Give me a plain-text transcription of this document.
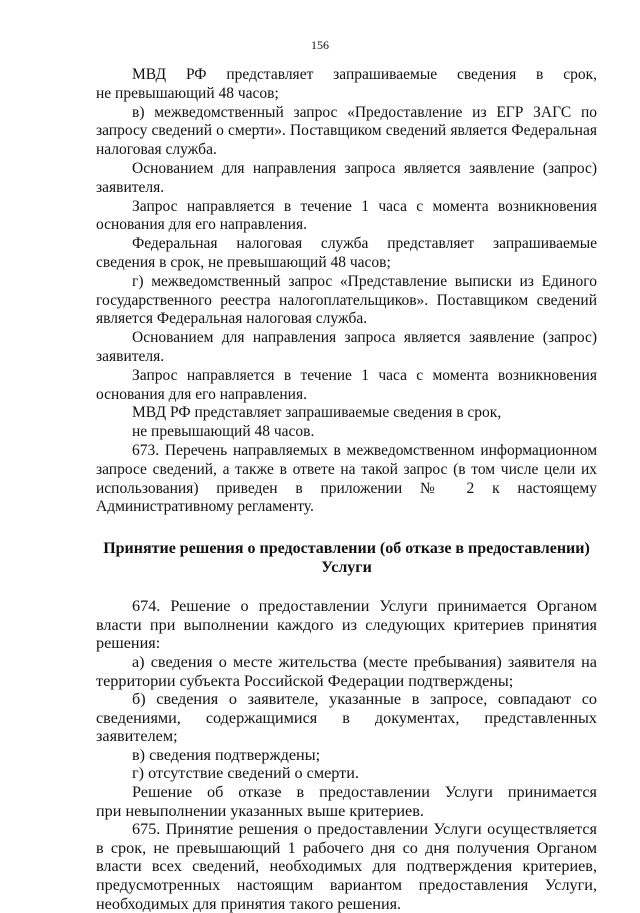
156

МВД РФ представляет запрашиваемые сведения в срок,

не превышающий 48 часов;

в) межведомственный запрос «Предоставление из ЕГР ЗАГС по запросу сведений о смерти». Поставщиком сведений является Федеральная налоговая служба.

Основанием для направления запроса является заявление (запрос) заявителя.

Запрос направляется в течение 1 часа с момента возникновения основания для его направления.

Федеральная налоговая служба представляет запрашиваемые сведения в срок, не превышающий 48 часов;

г) межведомственный запрос «Представление выписки из Единого государственного реестра налогоплательщиков». Поставщиком сведений является Федеральная налоговая служба.

Основанием для направления запроса является заявление (запрос) заявителя.

Запрос направляется в течение 1 часа с момента возникновения основания для его направления.

МВД РФ представляет запрашиваемые сведения в срок,

не превышающий 48 часов.

673. Перечень направляемых в межведомственном информационном запросе сведений, а также в ответе на такой запрос (в том числе цели их использования) приведен в приложении № 2 к настоящему

Административному регламенту.

Принятие решения о предоставлении (об отказе в предоставлении) Услуги

674. Решение о предоставлении Услуги принимается Органом власти при выполнении каждого из следующих критериев принятия решения:

а) сведения о месте жительства (месте пребывания) заявителя на территории субъекта Российской Федерации подтверждены;

б) сведения о заявителе, указанные в запросе, совпадают со сведениями, содержащимися в документах, представленных заявителем;

в) сведения подтверждены;

г) отсутствие сведений о смерти.

Решение об отказе в предоставлении Услуги принимается

при невыполнении указанных выше критериев.

675. Принятие решения о предоставлении Услуги осуществляется в срок, не превышающий 1 рабочего дня со дня получения Органом власти всех сведений, необходимых для подтверждения критериев, предусмотренных настоящим вариантом предоставления Услуги, необходимых для принятия такого решения.
